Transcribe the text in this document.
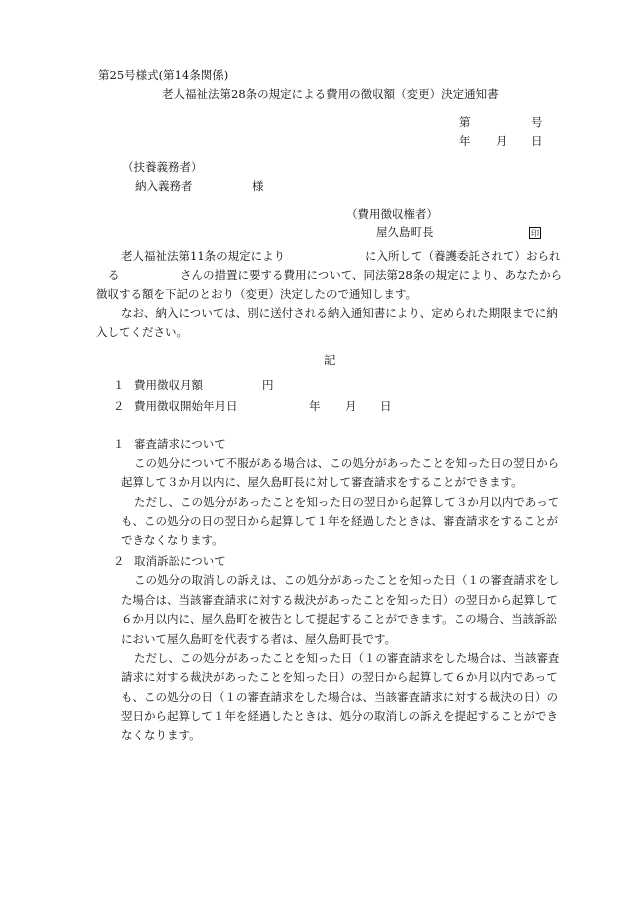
第25号様式(第14条関係)
老人福祉法第28条の規定による費用の徴収額（変更）決定通知書
第	号
年 月 日
（扶養義務者）
納入義務者	様
（費用徴収権者）
屋久島町長	印
老人福祉法第11条の規定により	に入所して（養護委託されて）おられ
る	さんの措置に要する費用について、同法第28条の規定により、あなたから
徴収する額を下記のとおり（変更）決定したので通知します。
なお、納入については、別に送付される納入通知書により、定められた期限までに納
入してください。
記
１ 費用徴収月額	円
２ 費用徴収開始年月日	年 月 日
１ 審査請求について
この処分について不服がある場合は、この処分があったことを知った日の翌日から
起算して３か月以内に、屋久島町長に対して審査請求をすることができます。
ただし、この処分があったことを知った日の翌日から起算して３か月以内であって
も、この処分の日の翌日から起算して１年を経過したときは、審査請求をすることが
できなくなります。
２ 取消訴訟について
この処分の取消しの訴えは、この処分があったことを知った日（１の審査請求をし
た場合は、当該審査請求に対する裁決があったことを知った日）の翌日から起算して
６か月以内に、屋久島町を被告として提起することができます。この場合、当該訴訟
において屋久島町を代表する者は、屋久島町長です。
ただし、この処分があったことを知った日（１の審査請求をした場合は、当該審査
請求に対する裁決があったことを知った日）の翌日から起算して６か月以内であって
も、この処分の日（１の審査請求をした場合は、当該審査請求に対する裁決の日）の
翌日から起算して１年を経過したときは、処分の取消しの訴えを提起することができ
なくなります。
